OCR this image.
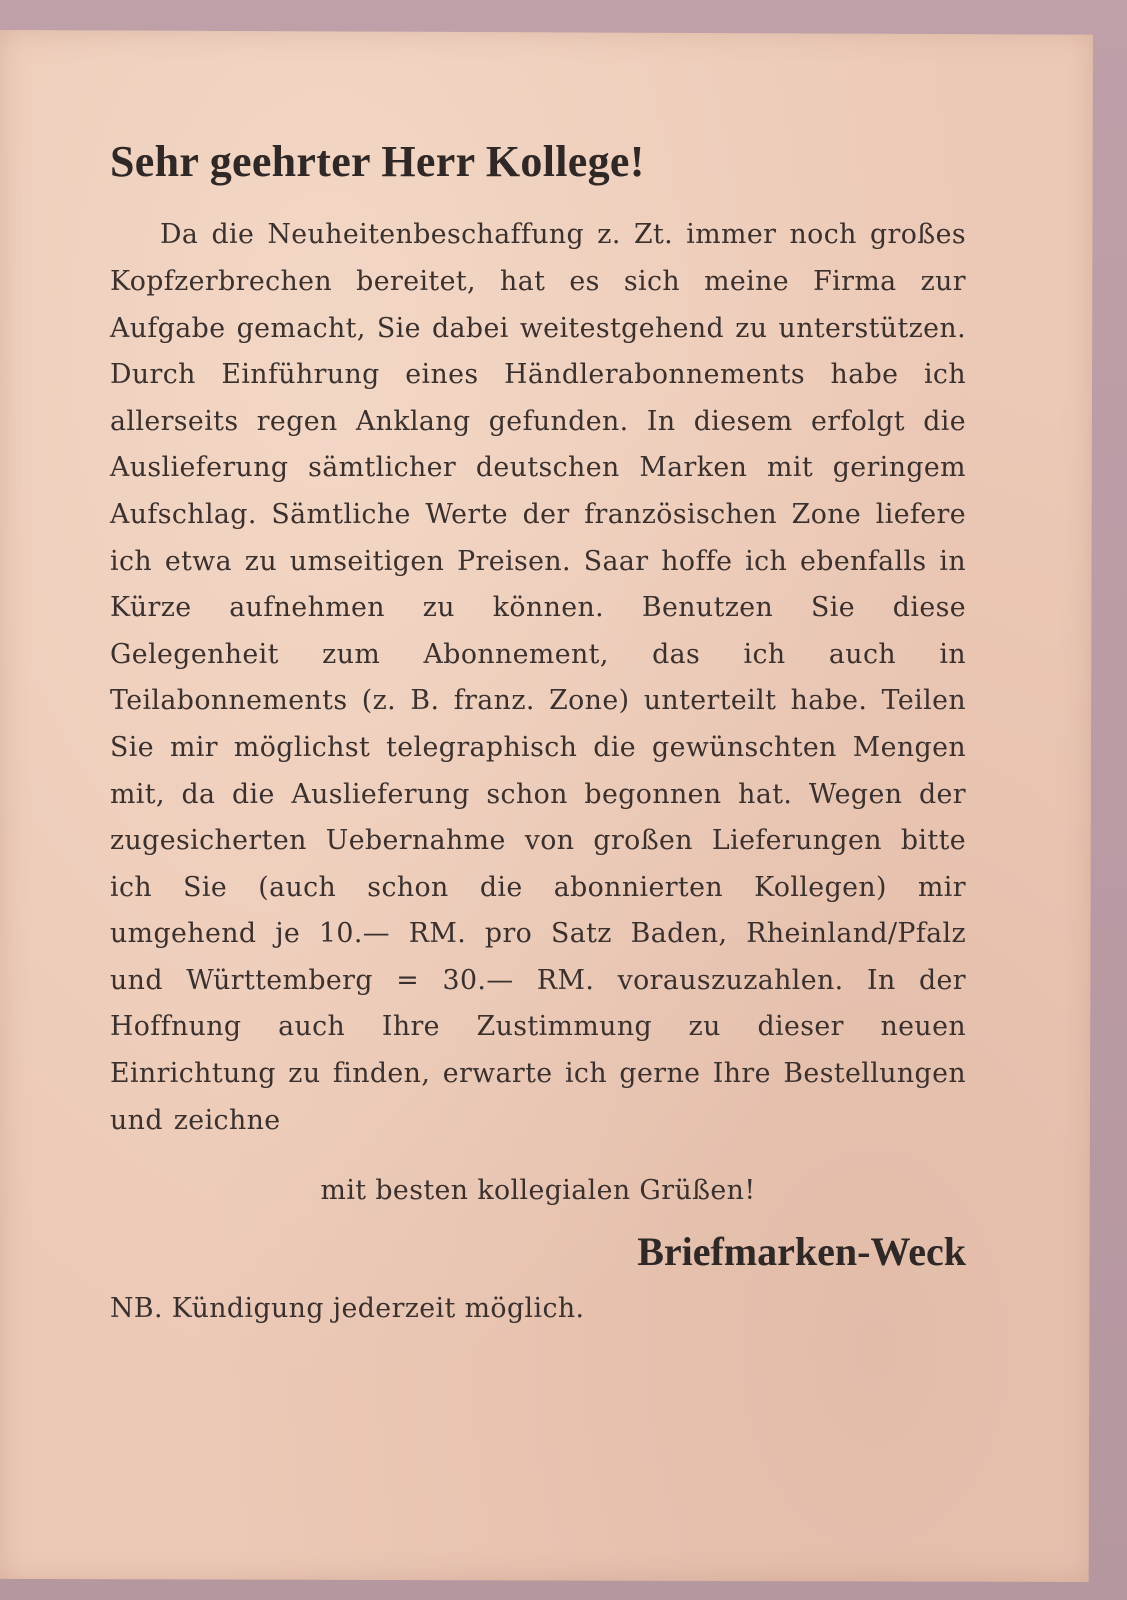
Sehr geehrter Herr Kollege!

Da die Neuheitenbeschaffung z. Zt. immer noch großes Kopfzerbrechen bereitet, hat es sich meine Firma zur Aufgabe gemacht, Sie dabei weitestgehend zu unterstützen. Durch Einführung eines Händlerabonnements habe ich allerseits regen Anklang gefunden. In diesem erfolgt die Auslieferung sämtlicher deutschen Marken mit geringem Aufschlag. Sämtliche Werte der französischen Zone liefere ich etwa zu umseitigen Preisen. Saar hoffe ich ebenfalls in Kürze aufnehmen zu können. Benutzen Sie diese Gelegenheit zum Abonnement, das ich auch in Teilabonnements (z. B. franz. Zone) unterteilt habe. Teilen Sie mir möglichst telegraphisch die gewünschten Mengen mit, da die Auslieferung schon begonnen hat. Wegen der zugesicherten Uebernahme von großen Lieferungen bitte ich Sie (auch schon die abonnierten Kollegen) mir umgehend je 10.— RM. pro Satz Baden, Rheinland/Pfalz und Württemberg = 30.— RM. vorauszuzahlen. In der Hoffnung auch Ihre Zustimmung zu dieser neuen Einrichtung zu finden, erwarte ich gerne Ihre Bestellungen und zeichne

mit besten kollegialen Grüßen!

Briefmarken-Weck

NB. Kündigung jederzeit möglich.
